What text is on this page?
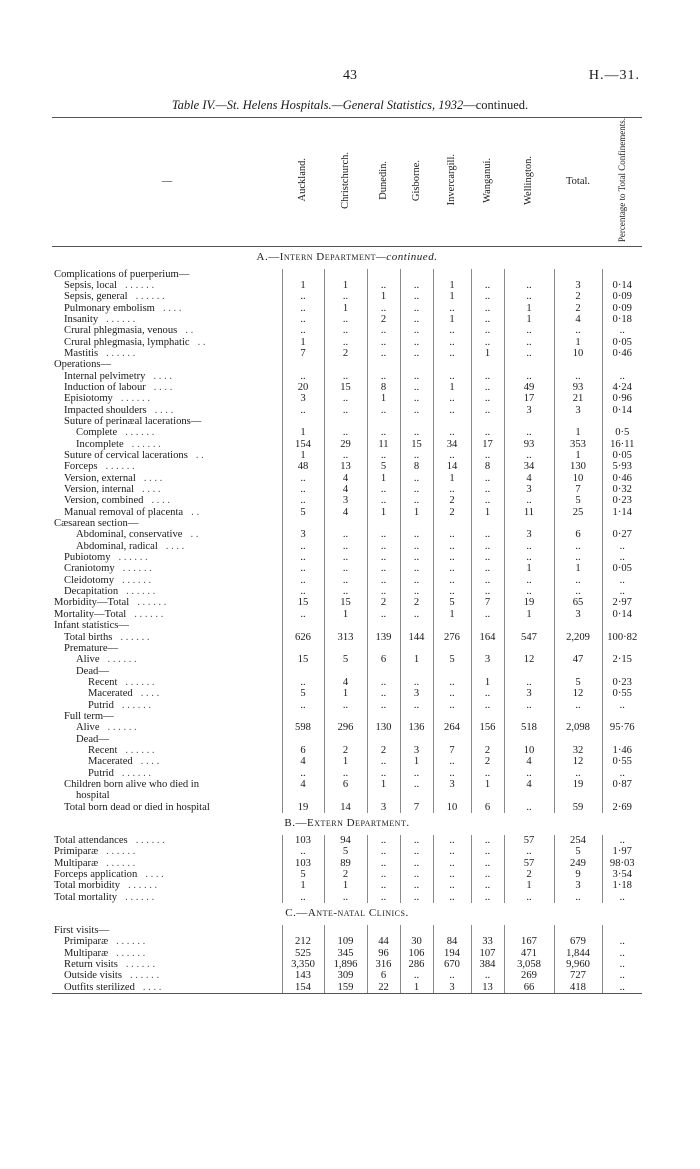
43	H.—31.
Table IV.—St. Helens Hospitals.—General Statistics, 1932—continued.
—	Auckland.	Christchurch.	Dunedin.	Gisborne.	Invercargill.	Wanganui.	Wellington.	Total.	Percentage to Total Confinements.
A.—Intern Department—continued.									
Complications of puerperium—									
Sepsis, local . . . . . .	1	1	..	..	1	..	..	3	0·14
Sepsis, general . . . . . .	..	..	1	..	1	..	..	2	0·09
Pulmonary embolism . . . .	..	1	..	..	..	..	1	2	0·09
Insanity . . . . . .	..	..	2	..	1	..	1	4	0·18
Crural phlegmasia, venous . .	..	..	..	..	..	..	..	..	..
Crural phlegmasia, lymphatic . .	1	..	..	..	..	..	..	1	0·05
Mastitis . . . . . .	7	2	..	..	..	1	..	10	0·46
Operations—									
Internal pelvimetry . . . .	..	..	..	..	..	..	..	..	..
Induction of labour . . . .	20	15	8	..	1	..	49	93	4·24
Episiotomy . . . . . .	3	..	1	..	..	..	17	21	0·96
Impacted shoulders . . . .	..	..	..	..	..	..	3	3	0·14
Suture of perinæal lacerations—									
Complete . . . . . .	1	..	..	..	..	..	..	1	0·5
Incomplete . . . . . .	154	29	11	15	34	17	93	353	16·11
Suture of cervical lacerations . .	1	..	..	..	..	..	..	1	0·05
Forceps . . . . . .	48	13	5	8	14	8	34	130	5·93
Version, external . . . .	..	4	1	..	1	..	4	10	0·46
Version, internal . . . .	..	4	..	..	..	..	3	7	0·32
Version, combined . . . .	..	3	..	..	2	..	..	5	0·23
Manual removal of placenta . .	5	4	1	1	2	1	11	25	1·14
Cæsarean section—									
Abdominal, conservative . .	3	..	..	..	..	..	3	6	0·27
Abdominal, radical . . . .	..	..	..	..	..	..	..	..	..
Pubiotomy . . . . . .	..	..	..	..	..	..	..	..	..
Craniotomy . . . . . .	..	..	..	..	..	..	1	1	0·05
Cleidotomy . . . . . .	..	..	..	..	..	..	..	..	..
Decapitation . . . . . .	..	..	..	..	..	..	..	..	..
Morbidity—Total . . . . . .	15	15	2	2	5	7	19	65	2·97
Mortality—Total . . . . . .	..	1	..	..	1	..	1	3	0·14
Infant statistics—									
Total births . . . . . .	626	313	139	144	276	164	547	2,209	100·82
Premature—									
Alive . . . . . .	15	5	6	1	5	3	12	47	2·15
Dead—									
Recent . . . . . .	..	4	..	..	..	1	..	5	0·23
Macerated . . . .	5	1	..	3	..	..	3	12	0·55
Putrid . . . . . .	..	..	..	..	..	..	..	..	..
Full term—									
Alive . . . . . .	598	296	130	136	264	156	518	2,098	95·76
Dead—									
Recent . . . . . .	6	2	2	3	7	2	10	32	1·46
Macerated . . . .	4	1	..	1	..	2	4	12	0·55
Putrid . . . . . .	..	..	..	..	..	..	..	..	..
Children born alive who died in	4	6	1	..	3	1	4	19	0·87
hospital									
Total born dead or died in hospital	19	14	3	7	10	6	..	59	2·69
B.—Extern Department.									
Total attendances . . . . . .	103	94	..	..	..	..	57	254	..
Primiparæ . . . . . .	..	5	..	..	..	..	..	5	1·97
Multiparæ . . . . . .	103	89	..	..	..	..	57	249	98·03
Forceps application . . . .	5	2	..	..	..	..	2	9	3·54
Total morbidity . . . . . .	1	1	..	..	..	..	1	3	1·18
Total mortality . . . . . .	..	..	..	..	..	..	..	..	..
C.—Ante-natal Clinics.									
First visits—									
Primiparæ . . . . . .	212	109	44	30	84	33	167	679	..
Multiparæ . . . . . .	525	345	96	106	194	107	471	1,844	..
Return visits . . . . . .	3,350	1,896	316	286	670	384	3,058	9,960	..
Outside visits . . . . . .	143	309	6	..	..	..	269	727	..
Outfits sterilized . . . .	154	159	22	1	3	13	66	418	..
